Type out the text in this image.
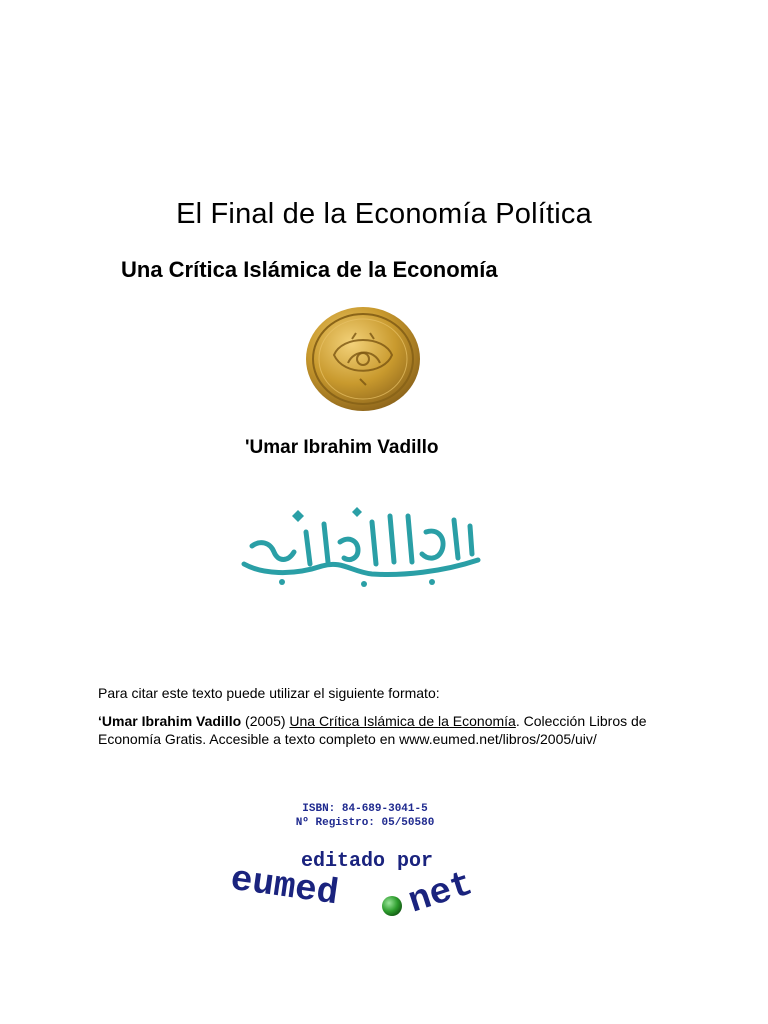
El Final de la Economía Política
Una Crítica Islámica de la Economía

'Umar Ibrahim Vadillo

Para citar este texto puede utilizar el siguiente formato:

‘Umar Ibrahim Vadillo (2005) Una Crítica Islámica de la Economía. Colección Libros de Economía Gratis. Accesible a texto completo en www.eumed.net/libros/2005/uiv/

ISBN: 84-689-3041-5
Nº Registro: 05/50580
editado por
eumed net
